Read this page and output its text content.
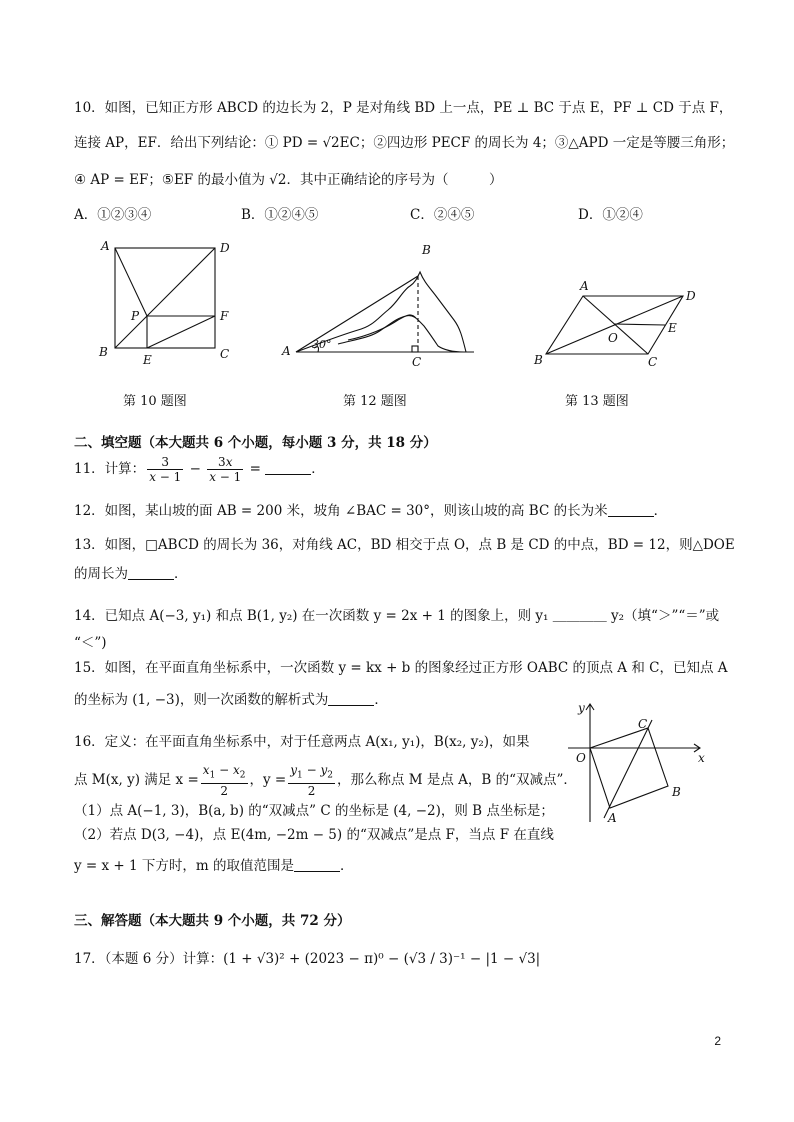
10．如图，已知正方形 ABCD 的边长为 2，P 是对角线 BD 上一点，PE ⊥ BC 于点 E，PF ⊥ CD 于点 F，
连接 AP，EF．给出下列结论：① PD = √2EC；②四边形 PECF 的周长为 4；③△APD 一定是等腰三角形；
④ AP = EF；⑤EF 的最小值为 √2．其中正确结论的序号为（　　　）
A．①②③④	B．①②④⑤	C．②④⑤	D．①②④
A	D
P	F
B
E	C
第 10 题图
A
B
C
30°
第 12 题图
A
D
E
O
B	C
第 13 题图
二、填空题（本大题共 6 个小题，每小题 3 分，共 18 分）
11．计算： $\frac{3}{x - 1} - \frac{3x}{x - 1}$ =	．
12．如图，某山坡的面 AB = 200 米，坡角 ∠BAC = 30°，则该山坡的高 BC 的长为米	．
13．如图，□ABCD 的周长为 36，对角线 AC，BD 相交于点 O，点 B 是 CD 的中点，BD = 12，则△DOE
的周长为	．
14．已知点 A(−3, y₁) 和点 B(1, y₂) 在一次函数 y = 2x + 1 的图象上，则 y₁ ＿＿＿＿ y₂（填“＞”“＝”或
“＜”)
15．如图，在平面直角坐标系中，一次函数 y = kx + b 的图象经过正方形 OABC 的顶点 A 和 C，已知点 A
的坐标为 (1, −3)，则一次函数的解析式为	．	y
x
O
C
B
A
16．定义：在平面直角坐标系中，对于任意两点 A(x₁, y₁)，B(x₂, y₂)，如果
点 M(x, y) 满足 $x = \frac{x_1 - x_2}{2}$ ，$y = \frac{y_1 - y_2}{2}$ ，那么称点 M 是点 A，B 的“双减点”．
（1）点 A(−1, 3)，B(a, b) 的“双减点” C 的坐标是 (4, −2)，则 B 点坐标是；
（2）若点 D(3, −4)，点 E(4m, −2m − 5) 的“双减点”是点 F，当点 F 在直线
y = x + 1 下方时，m 的取值范围是	．
三、解答题（本大题共 9 个小题，共 72 分）
17．（本题 6 分）计算：(1 + √3)² + (2023 − π)⁰ − (√3 / 3)⁻¹ − |1 − √3|
2
